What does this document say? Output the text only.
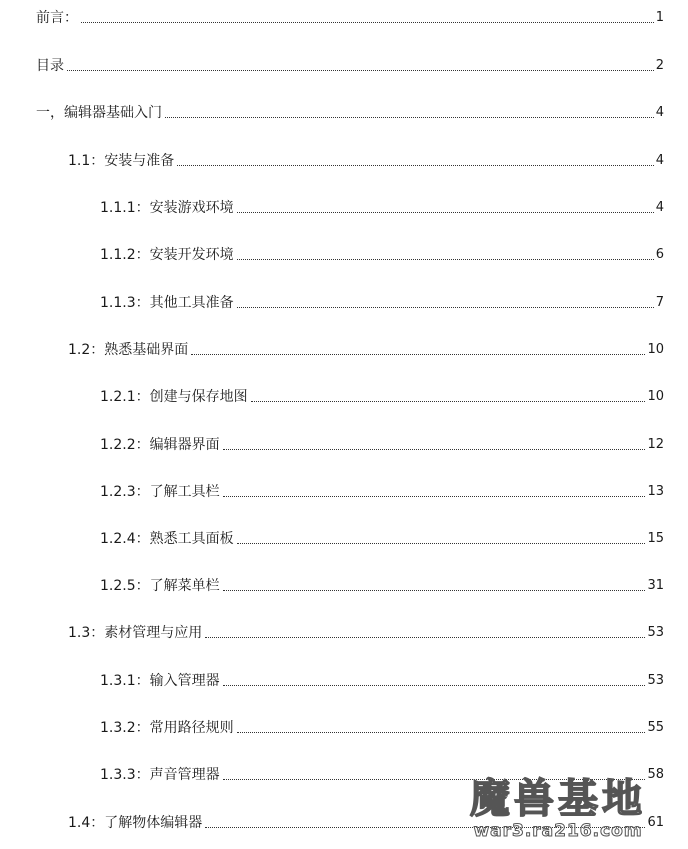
前言：	1
目录	2
一，编辑器基础入门	4
1.1：安装与准备	4
1.1.1：安装游戏环境	4
1.1.2：安装开发环境	6
1.1.3：其他工具准备	7
1.2：熟悉基础界面	10
1.2.1：创建与保存地图	10
1.2.2：编辑器界面	12
1.2.3：了解工具栏	13
1.2.4：熟悉工具面板	15
1.2.5：了解菜单栏	31
1.3：素材管理与应用	53
1.3.1：输入管理器	53
1.3.2：常用路径规则	55
1.3.3：声音管理器	58
1.4：了解物体编辑器	61
魔兽基地
war3.ra216.com
